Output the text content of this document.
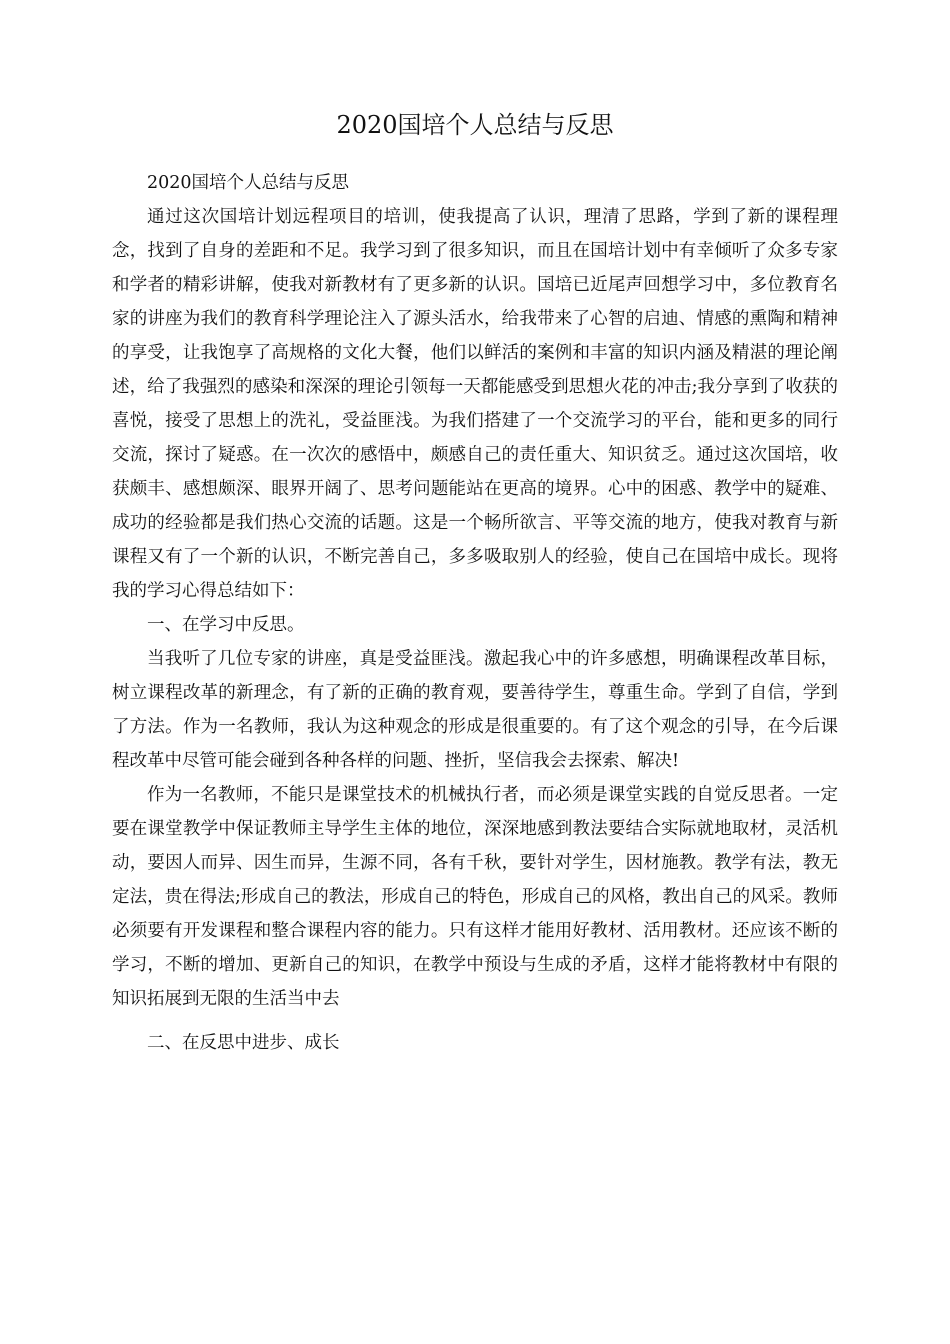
2020国培个人总结与反思

2020国培个人总结与反思

通过这次国培计划远程项目的培训，使我提高了认识，理清了思路，学到了新的课程理念，找到了自身的差距和不足。我学习到了很多知识，而且在国培计划中有幸倾听了众多专家和学者的精彩讲解，使我对新教材有了更多新的认识。国培已近尾声回想学习中，多位教育名家的讲座为我们的教育科学理论注入了源头活水，给我带来了心智的启迪、情感的熏陶和精神的享受，让我饱享了高规格的文化大餐，他们以鲜活的案例和丰富的知识内涵及精湛的理论阐述，给了我强烈的感染和深深的理论引领每一天都能感受到思想火花的冲击;我分享到了收获的喜悦，接受了思想上的洗礼，受益匪浅。为我们搭建了一个交流学习的平台，能和更多的同行交流，探讨了疑惑。在一次次的感悟中，颇感自己的责任重大、知识贫乏。通过这次国培，收获颇丰、感想颇深、眼界开阔了、思考问题能站在更高的境界。心中的困惑、教学中的疑难、成功的经验都是我们热心交流的话题。这是一个畅所欲言、平等交流的地方，使我对教育与新课程又有了一个新的认识，不断完善自己，多多吸取别人的经验，使自己在国培中成长。现将我的学习心得总结如下：

一、在学习中反思。

当我听了几位专家的讲座，真是受益匪浅。激起我心中的许多感想，明确课程改革目标，树立课程改革的新理念，有了新的正确的教育观，要善待学生，尊重生命。学到了自信，学到了方法。作为一名教师，我认为这种观念的形成是很重要的。有了这个观念的引导，在今后课程改革中尽管可能会碰到各种各样的问题、挫折，坚信我会去探索、解决!

作为一名教师，不能只是课堂技术的机械执行者，而必须是课堂实践的自觉反思者。一定要在课堂教学中保证教师主导学生主体的地位，深深地感到教法要结合实际就地取材，灵活机动，要因人而异、因生而异，生源不同，各有千秋，要针对学生，因材施教。教学有法，教无定法，贵在得法;形成自己的教法，形成自己的特色，形成自己的风格，教出自己的风采。教师必须要有开发课程和整合课程内容的能力。只有这样才能用好教材、活用教材。还应该不断的学习，不断的增加、更新自己的知识，在教学中预设与生成的矛盾，这样才能将教材中有限的知识拓展到无限的生活当中去

二、在反思中进步、成长
